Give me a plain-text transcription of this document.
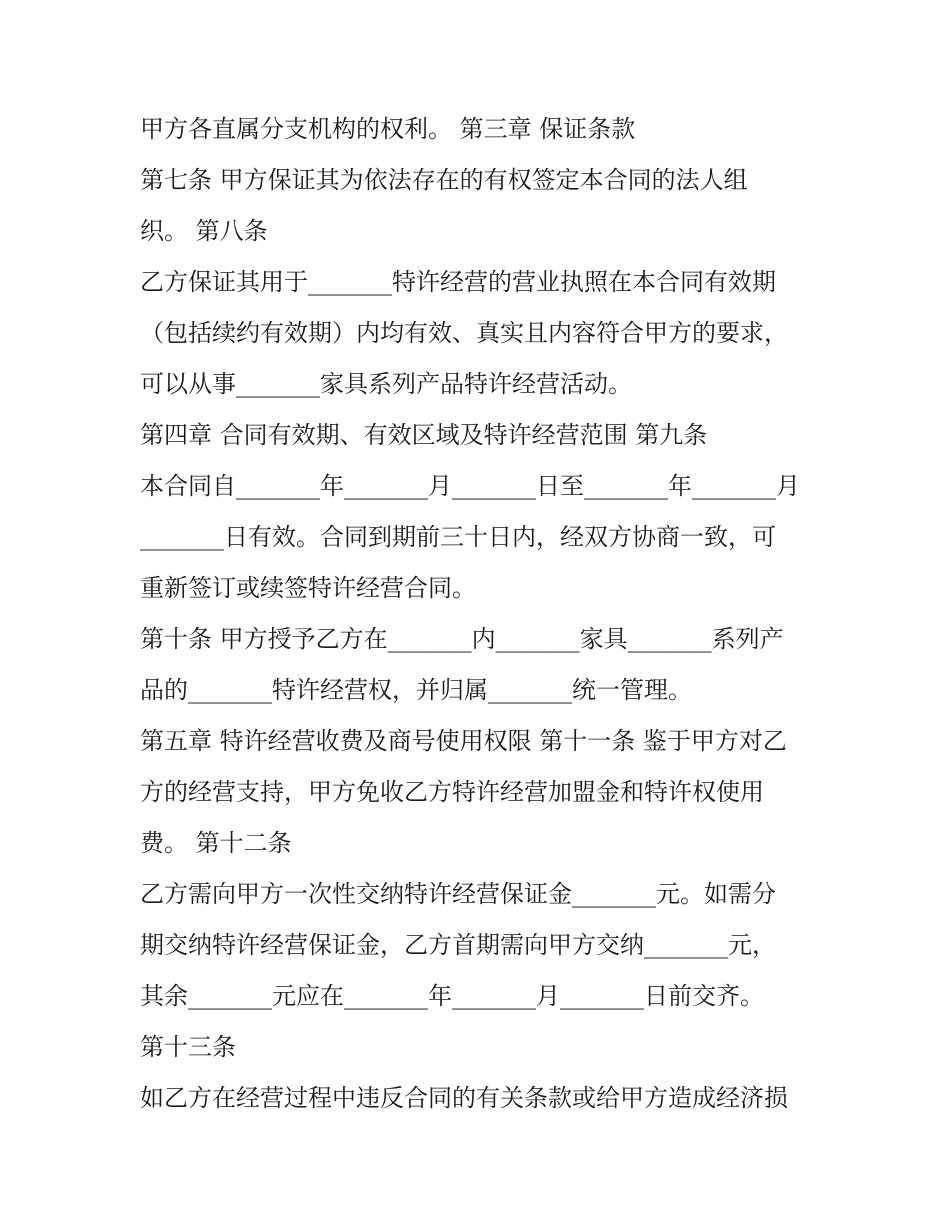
甲方各直属分支机构的权利。 第三章 保证条款
第七条 甲方保证其为依法存在的有权签定本合同的法人组
织。 第八条
乙方保证其用于_______特许经营的营业执照在本合同有效期
（包括续约有效期）内均有效、真实且内容符合甲方的要求，
可以从事_______家具系列产品特许经营活动。
第四章 合同有效期、有效区域及特许经营范围 第九条
本合同自_______年_______月_______日至_______年_______月
_______日有效。合同到期前三十日内，经双方协商一致，可
重新签订或续签特许经营合同。
第十条 甲方授予乙方在_______内_______家具_______系列产
品的_______特许经营权，并归属_______统一管理。
第五章 特许经营收费及商号使用权限 第十一条 鉴于甲方对乙
方的经营支持，甲方免收乙方特许经营加盟金和特许权使用
费。 第十二条
乙方需向甲方一次性交纳特许经营保证金_______元。如需分
期交纳特许经营保证金，乙方首期需向甲方交纳_______元，
其余_______元应在_______年_______月_______日前交齐。
第十三条
如乙方在经营过程中违反合同的有关条款或给甲方造成经济损
